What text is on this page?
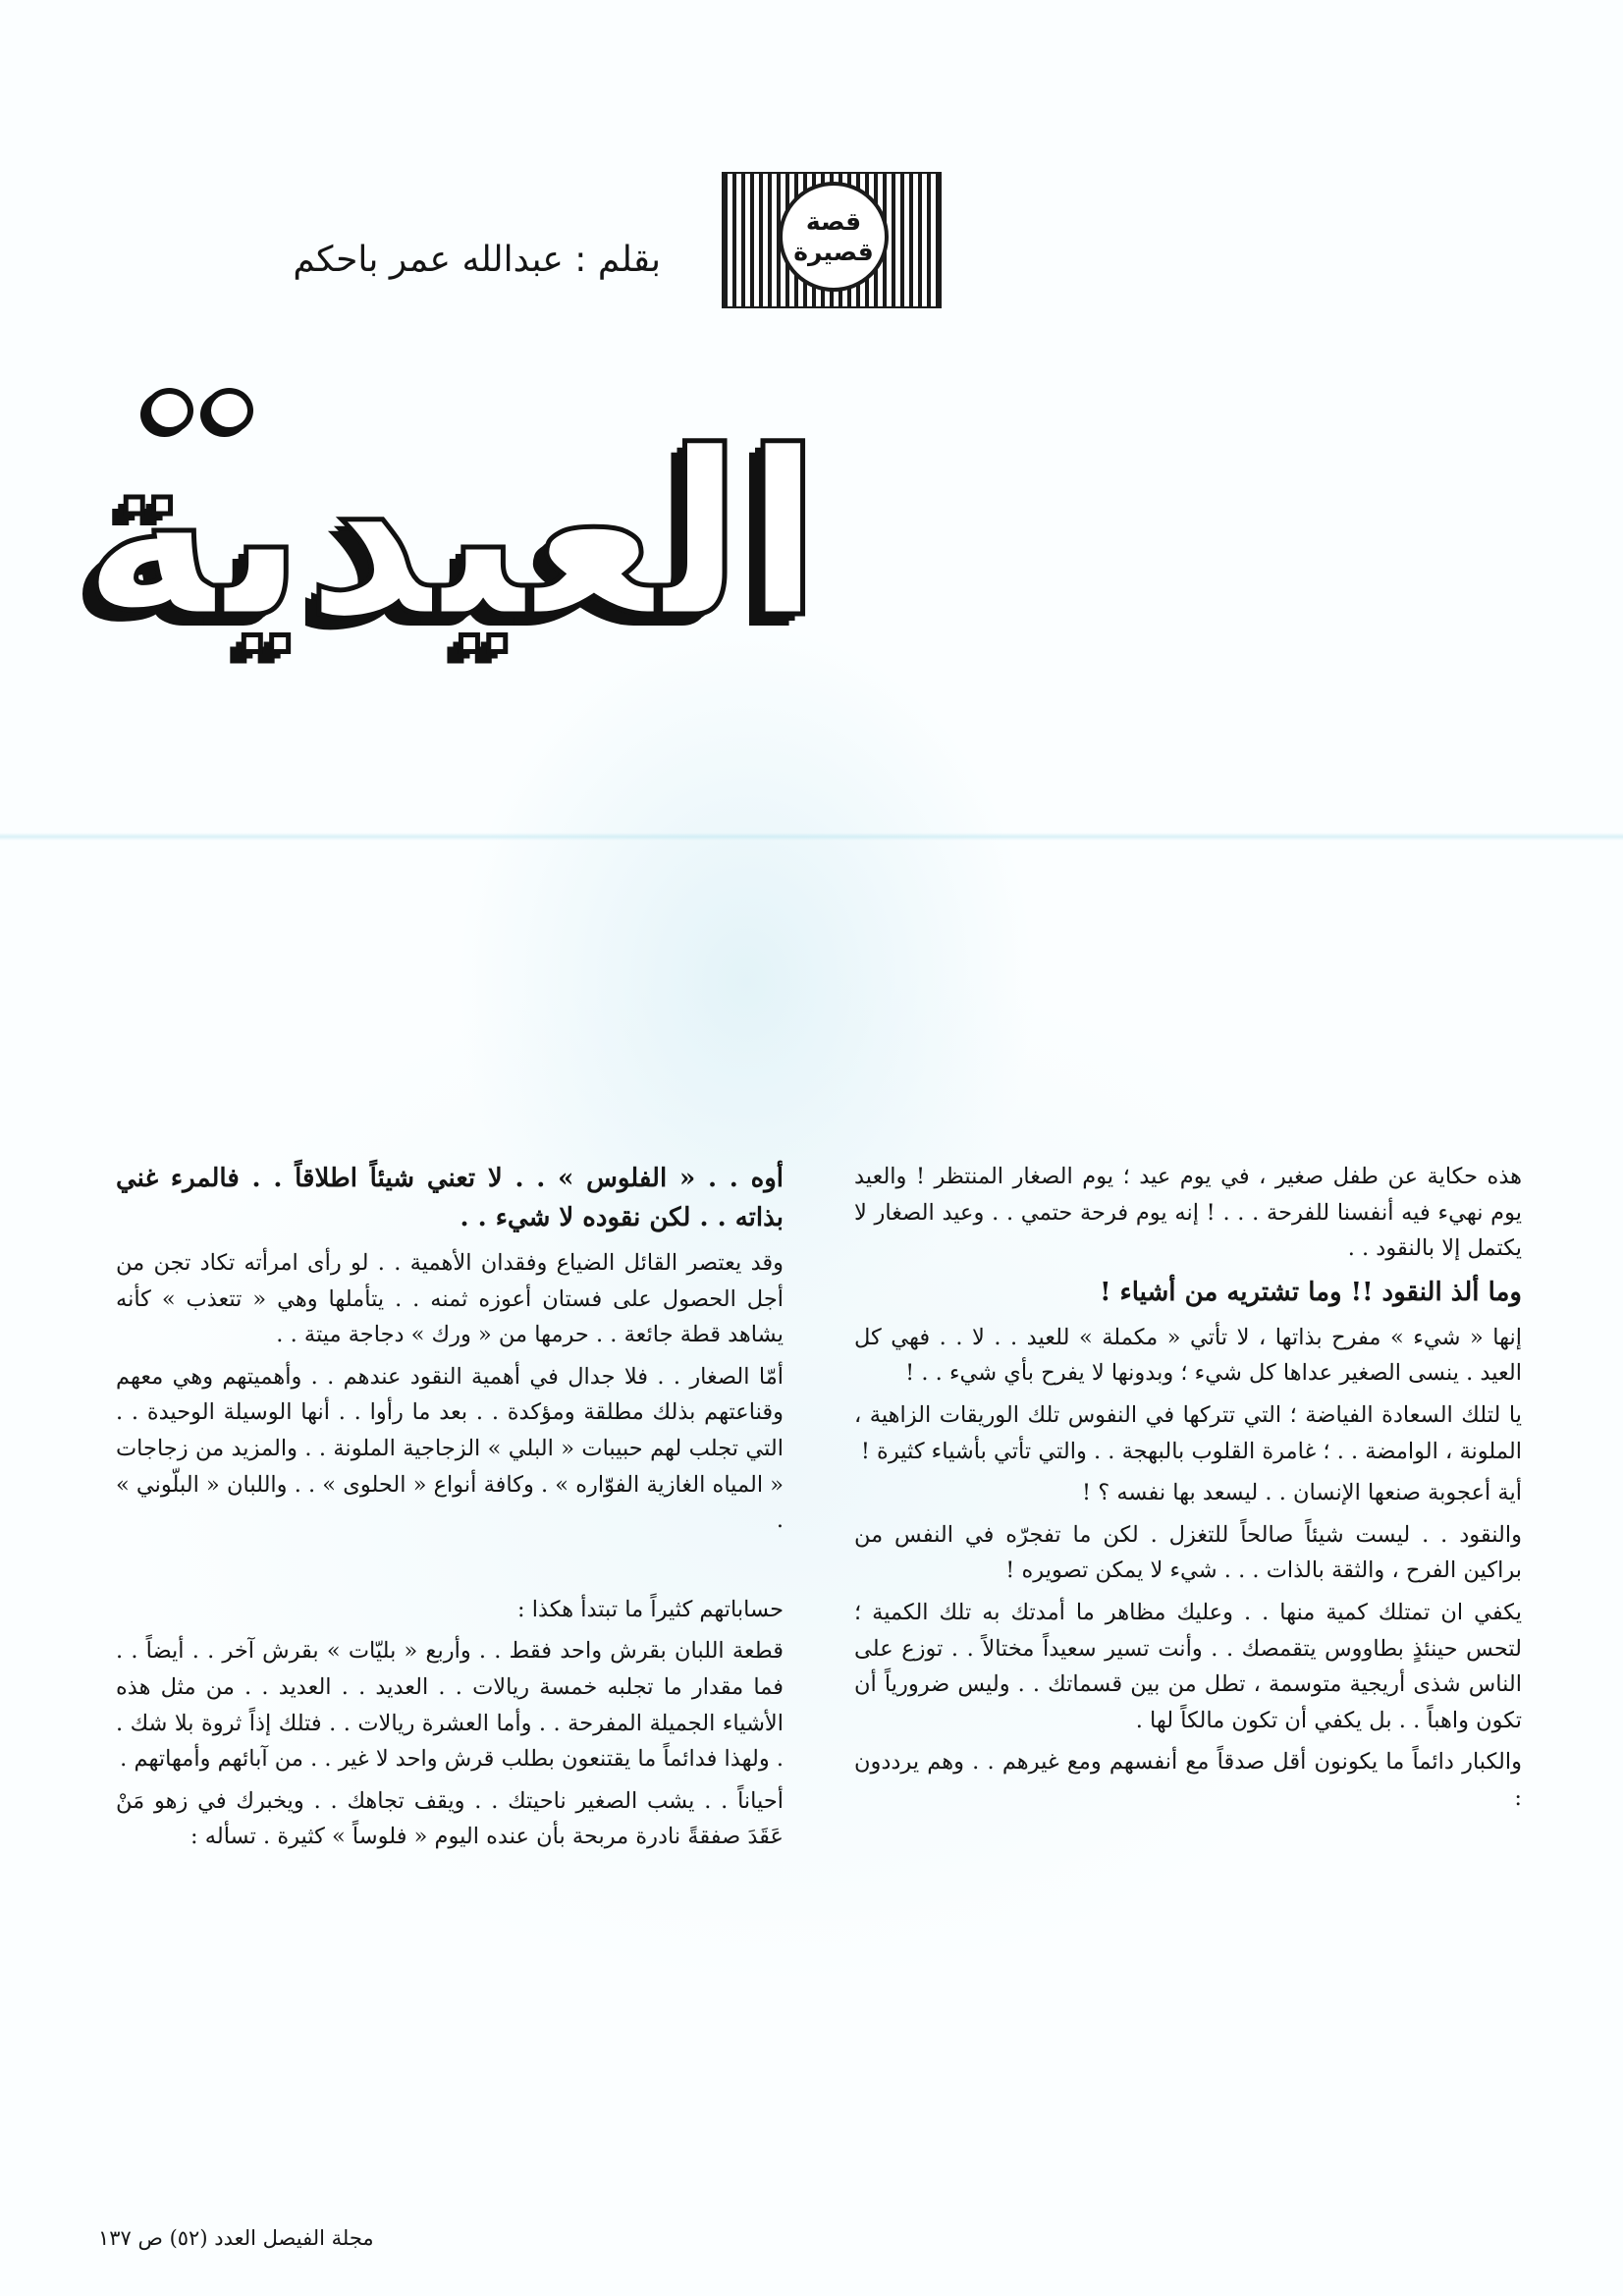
قصة
قصيرة
بقلم : عبدالله عمر باحكم
العيدية

هذه حكاية عن طفل صغير ، في يوم عيد ؛ يوم الصغار المنتظر ! والعيد يوم نهيء فيه أنفسنا للفرحة . . . ! إنه يوم فرحة حتمي . . وعيد الصغار لا يكتمل إلا بالنقود . .

وما ألذ النقود !! وما تشتريه من أشياء !

إنها « شيء » مفرح بذاتها ، لا تأتي « مكملة » للعيد . . لا . . فهي كل العيد . ينسى الصغير عداها كل شيء ؛ وبدونها لا يفرح بأي شيء . . !

يا لتلك السعادة الفياضة ؛ التي تتركها في النفوس تلك الوريقات الزاهية ، الملونة ، الوامضة . . ؛ غامرة القلوب بالبهجة . . والتي تأتي بأشياء كثيرة !

أية أعجوبة صنعها الإنسان . . ليسعد بها نفسه ؟ !

والنقود . . ليست شيئاً صالحاً للتغزل . لكن ما تفجرّه في النفس من براكين الفرح ، والثقة بالذات . . . شيء لا يمكن تصويره !

يكفي ان تمتلك كمية منها . . وعليك مظاهر ما أمدتك به تلك الكمية ؛ لتحس حينئذٍ بطاووس يتقمصك . . وأنت تسير سعيداً مختالاً . . توزع على الناس شذى أريجية متوسمة ، تطل من بين قسماتك . . وليس ضرورياً أن تكون واهباً . . بل يكفي أن تكون مالكاً لها .

والكبار دائماً ما يكونون أقل صدقاً مع أنفسهم ومع غيرهم . . وهم يرددون :

أوه . . « الفلوس » . . لا تعني شيئاً اطلاقاً . . فالمرء غني بذاته . . لكن نقوده لا شيء . .

وقد يعتصر القائل الضياع وفقدان الأهمية . . لو رأى امرأته تكاد تجن من أجل الحصول على فستان أعوزه ثمنه . . يتأملها وهي « تتعذب » كأنه يشاهد قطة جائعة . . حرمها من « ورك » دجاجة ميتة . .

أمّا الصغار . . فلا جدال في أهمية النقود عندهم . . وأهميتهم وهي معهم وقناعتهم بذلك مطلقة ومؤكدة . . بعد ما رأوا . . أنها الوسيلة الوحيدة . . التي تجلب لهم حبيبات « البلي » الزجاجية الملونة . . والمزيد من زجاجات « المياه الغازية الفوّاره » . وكافة أنواع « الحلوى » . . واللبان « البلّوني » .

حساباتهم كثيراً ما تبتدأ هكذا :

قطعة اللبان بقرش واحد فقط . . وأربع « بليّات » بقرش آخر . . أيضاً . . فما مقدار ما تجلبه خمسة ريالات . . العديد . . العديد . . من مثل هذه الأشياء الجميلة المفرحة . . وأما العشرة ريالات . . فتلك إذاً ثروة بلا شك . . ولهذا فدائماً ما يقتنعون بطلب قرش واحد لا غير . . من آبائهم وأمهاتهم .

أحياناً . . يشب الصغير ناحيتك . . ويقف تجاهك . . ويخبرك في زهو مَنْ عَقَدَ صفقةً نادرة مربحة بأن عنده اليوم « فلوساً » كثيرة . تسأله :

مجلة الفيصل العدد (٥٢) ص ١٣٧
